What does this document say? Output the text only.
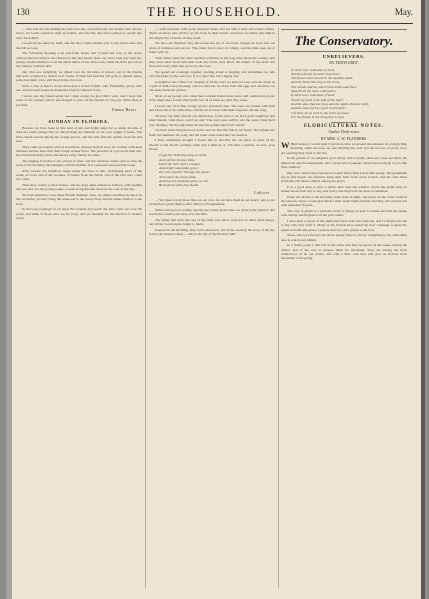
130	THE HOUSEHOLD.	May.

— The east set rule dulling the next boat-day, and before the old steamer had left her doors, we found ourselves right in trouble, and the fine days that seemed so nearly due were far behind.

I received the letter by mail, and felt that I must hasten over to my friend who had been ill so long.

The following morning I set sail from home, and I found my way to the house without much trouble in the afternoon. She had hardly been out, and a lady was with her, giving careful attention to all the small duties of the sick-room, while the little girl sat by the window with her doll.

Our visit was delightful; we talked over the old times at school, and of the friends that were scattered so widely now. Some of them had married and gone to distant states; some had died; a few still lived in the old town.

Such a visit as this is worth more than a dozen formal calls. Friendship grows with use, and the heart keeps its memories fresh for those it loves.

I never saw my friend again; but I shall always be glad that I went, and I hope that some of my readers will be encouraged to seek out the friends of long ago while there is yet time.

Emma Bates.
SUNDAY IN FLORIDA.

Because we have been in this land of sun and bright skies for so many months, it does not seem strange that we should keep the Sabbath as we were taught at home. The little church stands among the orange groves, and the bell calls the settlers from far and near.

They come in wagons and on horseback, dressed in their best, the women with their children and the men with their rough, honest faces. The preacher is a good old man who has lived here many years and knows every family by name.

The singing is hearty if not always in tune, and the windows stand open so that the song of the mocking-bird mingles with the hymns. It is a pleasant and peaceful scene.

After service the neighbors linger under the trees to talk, exchanging news of the week, of crops and of the weather, of letters from the North, and of the sick who could not come.

Then they scatter to their homes, and the long quiet afternoon follows, with reading and rest and, for the young people, a walk along the lake shore in the cool of the day.

We have learned to love these Florida Sundays. They are unlike anything we knew in the old home, yet they bring the same rest to the weary body and the same comfort to the heart.

In the long evenings we sit upon the veranda and watch the stars come out over the water, and think of those who are far away, and are thankful for the mercies of another week.

— well seasoned, with good, practical sense; and yet with a large and varied culture. There are those who wish to go far away in their travels, and there are many who find in the simple life of home all they need.

We have six children; they have been the joy of our lives, though we have had our share of sickness and sorrow. The oldest boy is now at college, and the little ones are at home with us.

Their father takes the older children with him on his long rides about the country, and they learn more from him than from any book; they know the names of the birds and trees and every plant that grows by the road.

We spend our evenings together, reading aloud or singing, and sometimes we talk over the plans for the next day. It is a quiet life, but a happy one.

A neighbor has a fine cow; Sunday of all the days we keep for rest, and she sends us a pail of milk every morning, and we send her in return fruit and eggs and whatever we can spare from our garden.

Most of our people who came here to make homes have done well; some have grown rich, others have found only health, but all of them are glad they came.

I never saw such fine orange groves anywhere else. The trees are loaded with fruit and blossoms at the same time, and the air is sweet with their fragrance all day long.

We have our little church; our children go to the school; we have good neighbors and kind friends; what more could we ask? The days pass swiftly and the years bring their own changes, but through them all runs the golden thread of content.

We have been living here ten years, and we feel that this is our home. The winters are mild, the summers are long, and the rains come when they are needed.

I have sometimes thought I would like to describe the old place to some of my friends at the North; perhaps some day I shall do it. Till then I remain, as ever, your friend.

O gay the birds that sing so sweet,
And soft the breezes blow,
Upon the hills where oranges
And bright magnolias grow;
We walk together through the grove,
And watch the sunset fade,
And love the land that gives us rest
Beneath the pine-tree shade.
Laboret.

— We must accept these lines as our own, for we have them in our hearts; and so we would have given them to Mrs. Rebecca Frankenstein.

When rain goes so swiftly, and the sun comes in the lake, we stand at the window and watch the clouds pass away over the hills.

The ladies that have the care of the little ones know well how to make them happy, and all the world seems bright to them.

Lessons in the morning, play in the afternoon, and in the evening the story of the day told at the mother's knee — this is the life of the Florida child.

The Conservatory.
UNBELIEVERS.
BY EDITH GREY.
If earth were a dreamer, friend,
Would a dream be better than this?
The flowers that bloom in the meadow-land,
And the birds that sing in the trees,
The woods and the waters that smile and bless,
And fill all the heart with peace.
If earth were a dreamer, friend,
Would we need to be told of the light?
And the days that are long and the nights that are brief,
And the stars that are pure and bright?
O friend, let us trust in the truth we know,
For the dream is the thing that is real.
FLORICULTURAL NOTES.
Number Thirty-seven.
BY MRS. G. W. FLANDERS.

WHAT nursery I could wish I had more time to recount the pleasure of a bright May morning, when the trees are just bursting into leaf and the flowers of every color are opening their buds to the sun.

In the garden of our neighbor grow many choice plants; there are roses and lilies, the heliotrope and the mignonette, and a great bed of pansies whose faces look up at you like little children.

Our own conservatory has never looked better than it does this spring. The geraniums are in full bloom, the fuchsias hang their bells from every branch, and the calla lilies stand like tall white soldiers among the green.

It is a good plan to have a small table near the window where the plants may be turned about from day to day, that every side may have its share of sunshine.

Water the plants in the morning rather than at night, and never let the water stand in the saucers. Once a week give them a little weak liquid manure and they will reward you with abundant flowers.

The care of plants is a pleasant work; it brings us near to nature and fills the house with beauty and fragrance all the year round.

I have kept a record of the plants that have done best with me, and I will give the list to any who may wish it. Many of my friends have asked me how I manage to keep my plants so fresh and green; I answer that it is only patience and love.

Those who love flowers are never lonely; there is always something to do, something new to watch and admire.

In a future paper I will tell of the bulbs that may be grown in the house during the winter, and of the way to prepare them for blooming. They are among the most satisfactory of all our plants, and with a little care they will give us flowers from December until spring.
